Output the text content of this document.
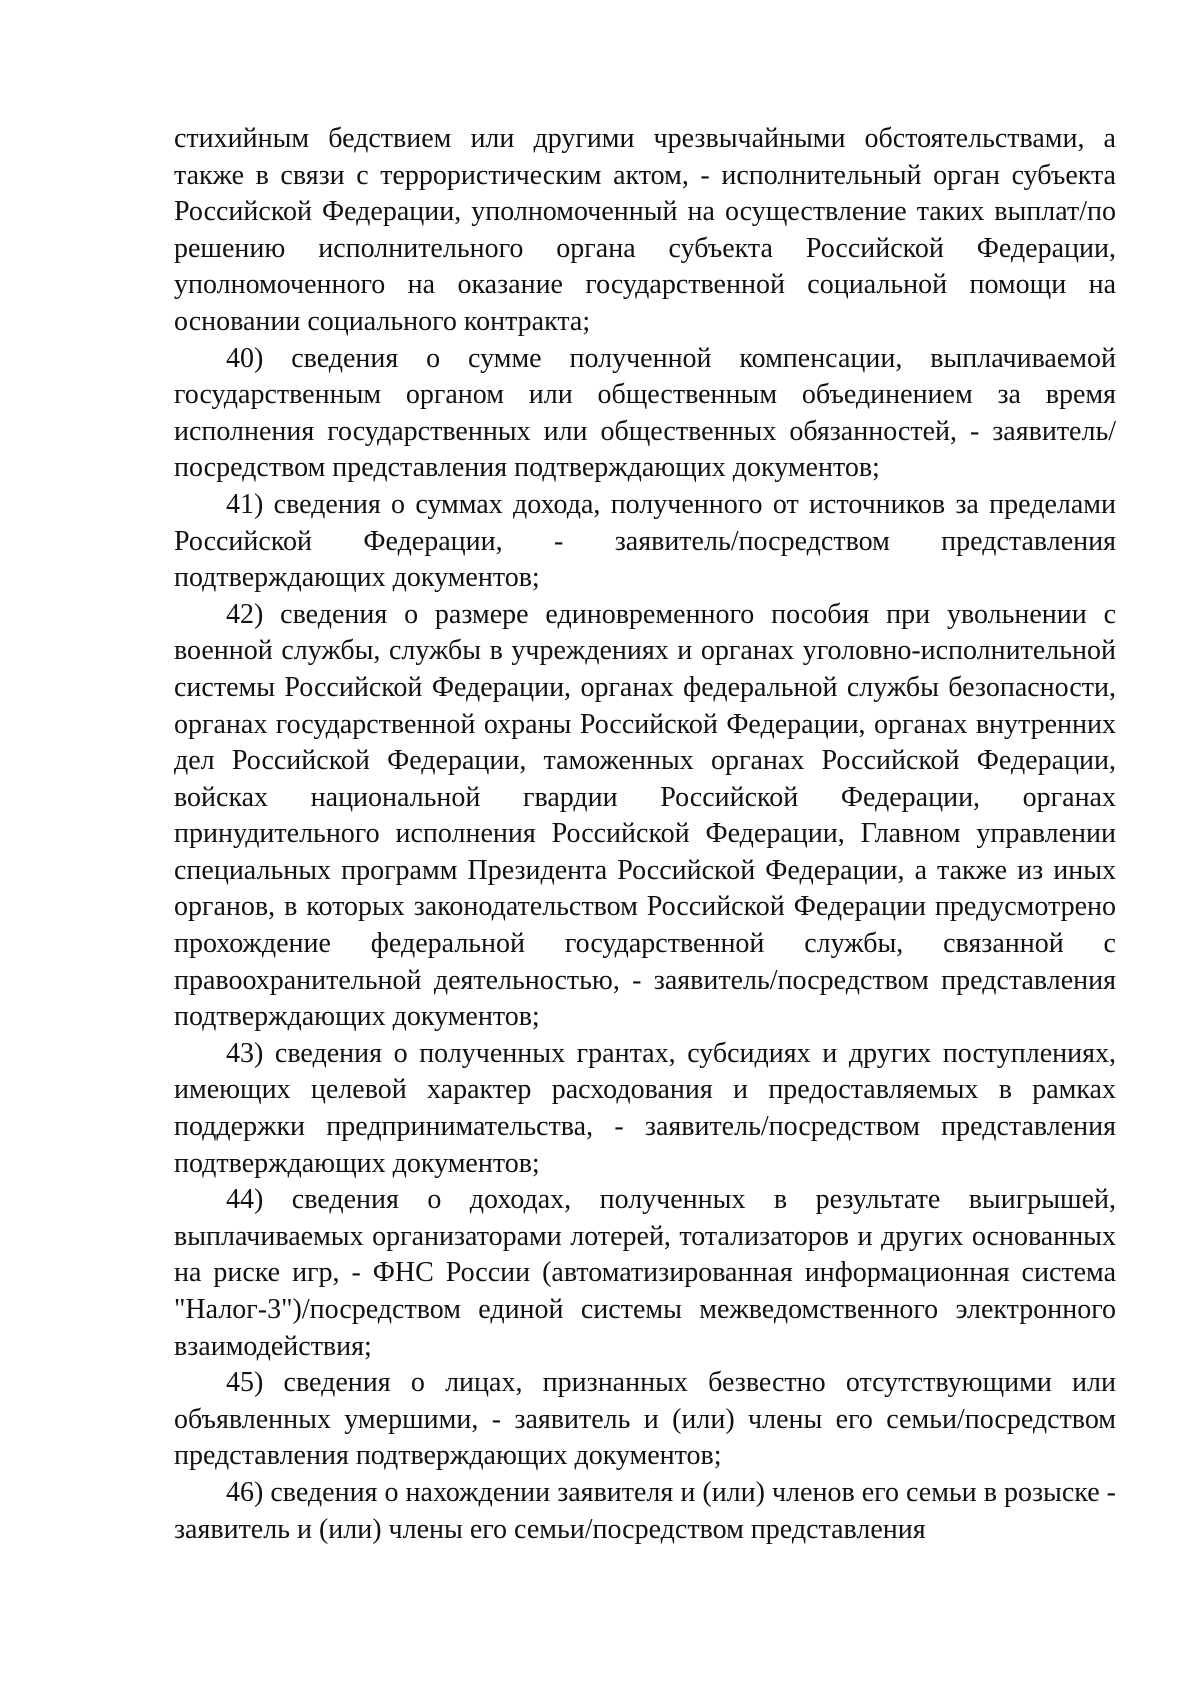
стихийным бедствием или другими чрезвычайными обстоятельствами, а также в связи с террористическим актом, - исполнительный орган субъекта Российской Федерации, уполномоченный на осуществление таких выплат/по решению исполнительного органа субъекта Российской Федерации, уполномоченного на оказание государственной социальной помощи на основании социального контракта;

40) сведения о сумме полученной компенсации, выплачиваемой государственным органом или общественным объединением за время исполнения государственных или общественных обязанностей, - заявитель/посредством представления подтверждающих документов;

41) сведения о суммах дохода, полученного от источников за пределами Российской Федерации, - заявитель/посредством представления подтверждающих документов;

42) сведения о размере единовременного пособия при увольнении с военной службы, службы в учреждениях и органах уголовно-исполнительной системы Российской Федерации, органах федеральной службы безопасности, органах государственной охраны Российской Федерации, органах внутренних дел Российской Федерации, таможенных органах Российской Федерации, войсках национальной гвардии Российской Федерации, органах принудительного исполнения Российской Федерации, Главном управлении специальных программ Президента Российской Федерации, а также из иных органов, в которых законодательством Российской Федерации предусмотрено прохождение федеральной государственной службы, связанной с правоохранительной деятельностью, - заявитель/посредством представления подтверждающих документов;

43) сведения о полученных грантах, субсидиях и других поступлениях, имеющих целевой характер расходования и предоставляемых в рамках поддержки предпринимательства, - заявитель/посредством представления подтверждающих документов;

44) сведения о доходах, полученных в результате выигрышей, выплачиваемых организаторами лотерей, тотализаторов и других основанных на риске игр, - ФНС России (автоматизированная информационная система "Налог-3")/посредством единой системы межведомственного электронного взаимодействия;

45) сведения о лицах, признанных безвестно отсутствующими или объявленных умершими, - заявитель и (или) члены его семьи/посредством представления подтверждающих документов;

46) сведения о нахождении заявителя и (или) членов его семьи в розыске - заявитель и (или) члены его семьи/посредством представления
